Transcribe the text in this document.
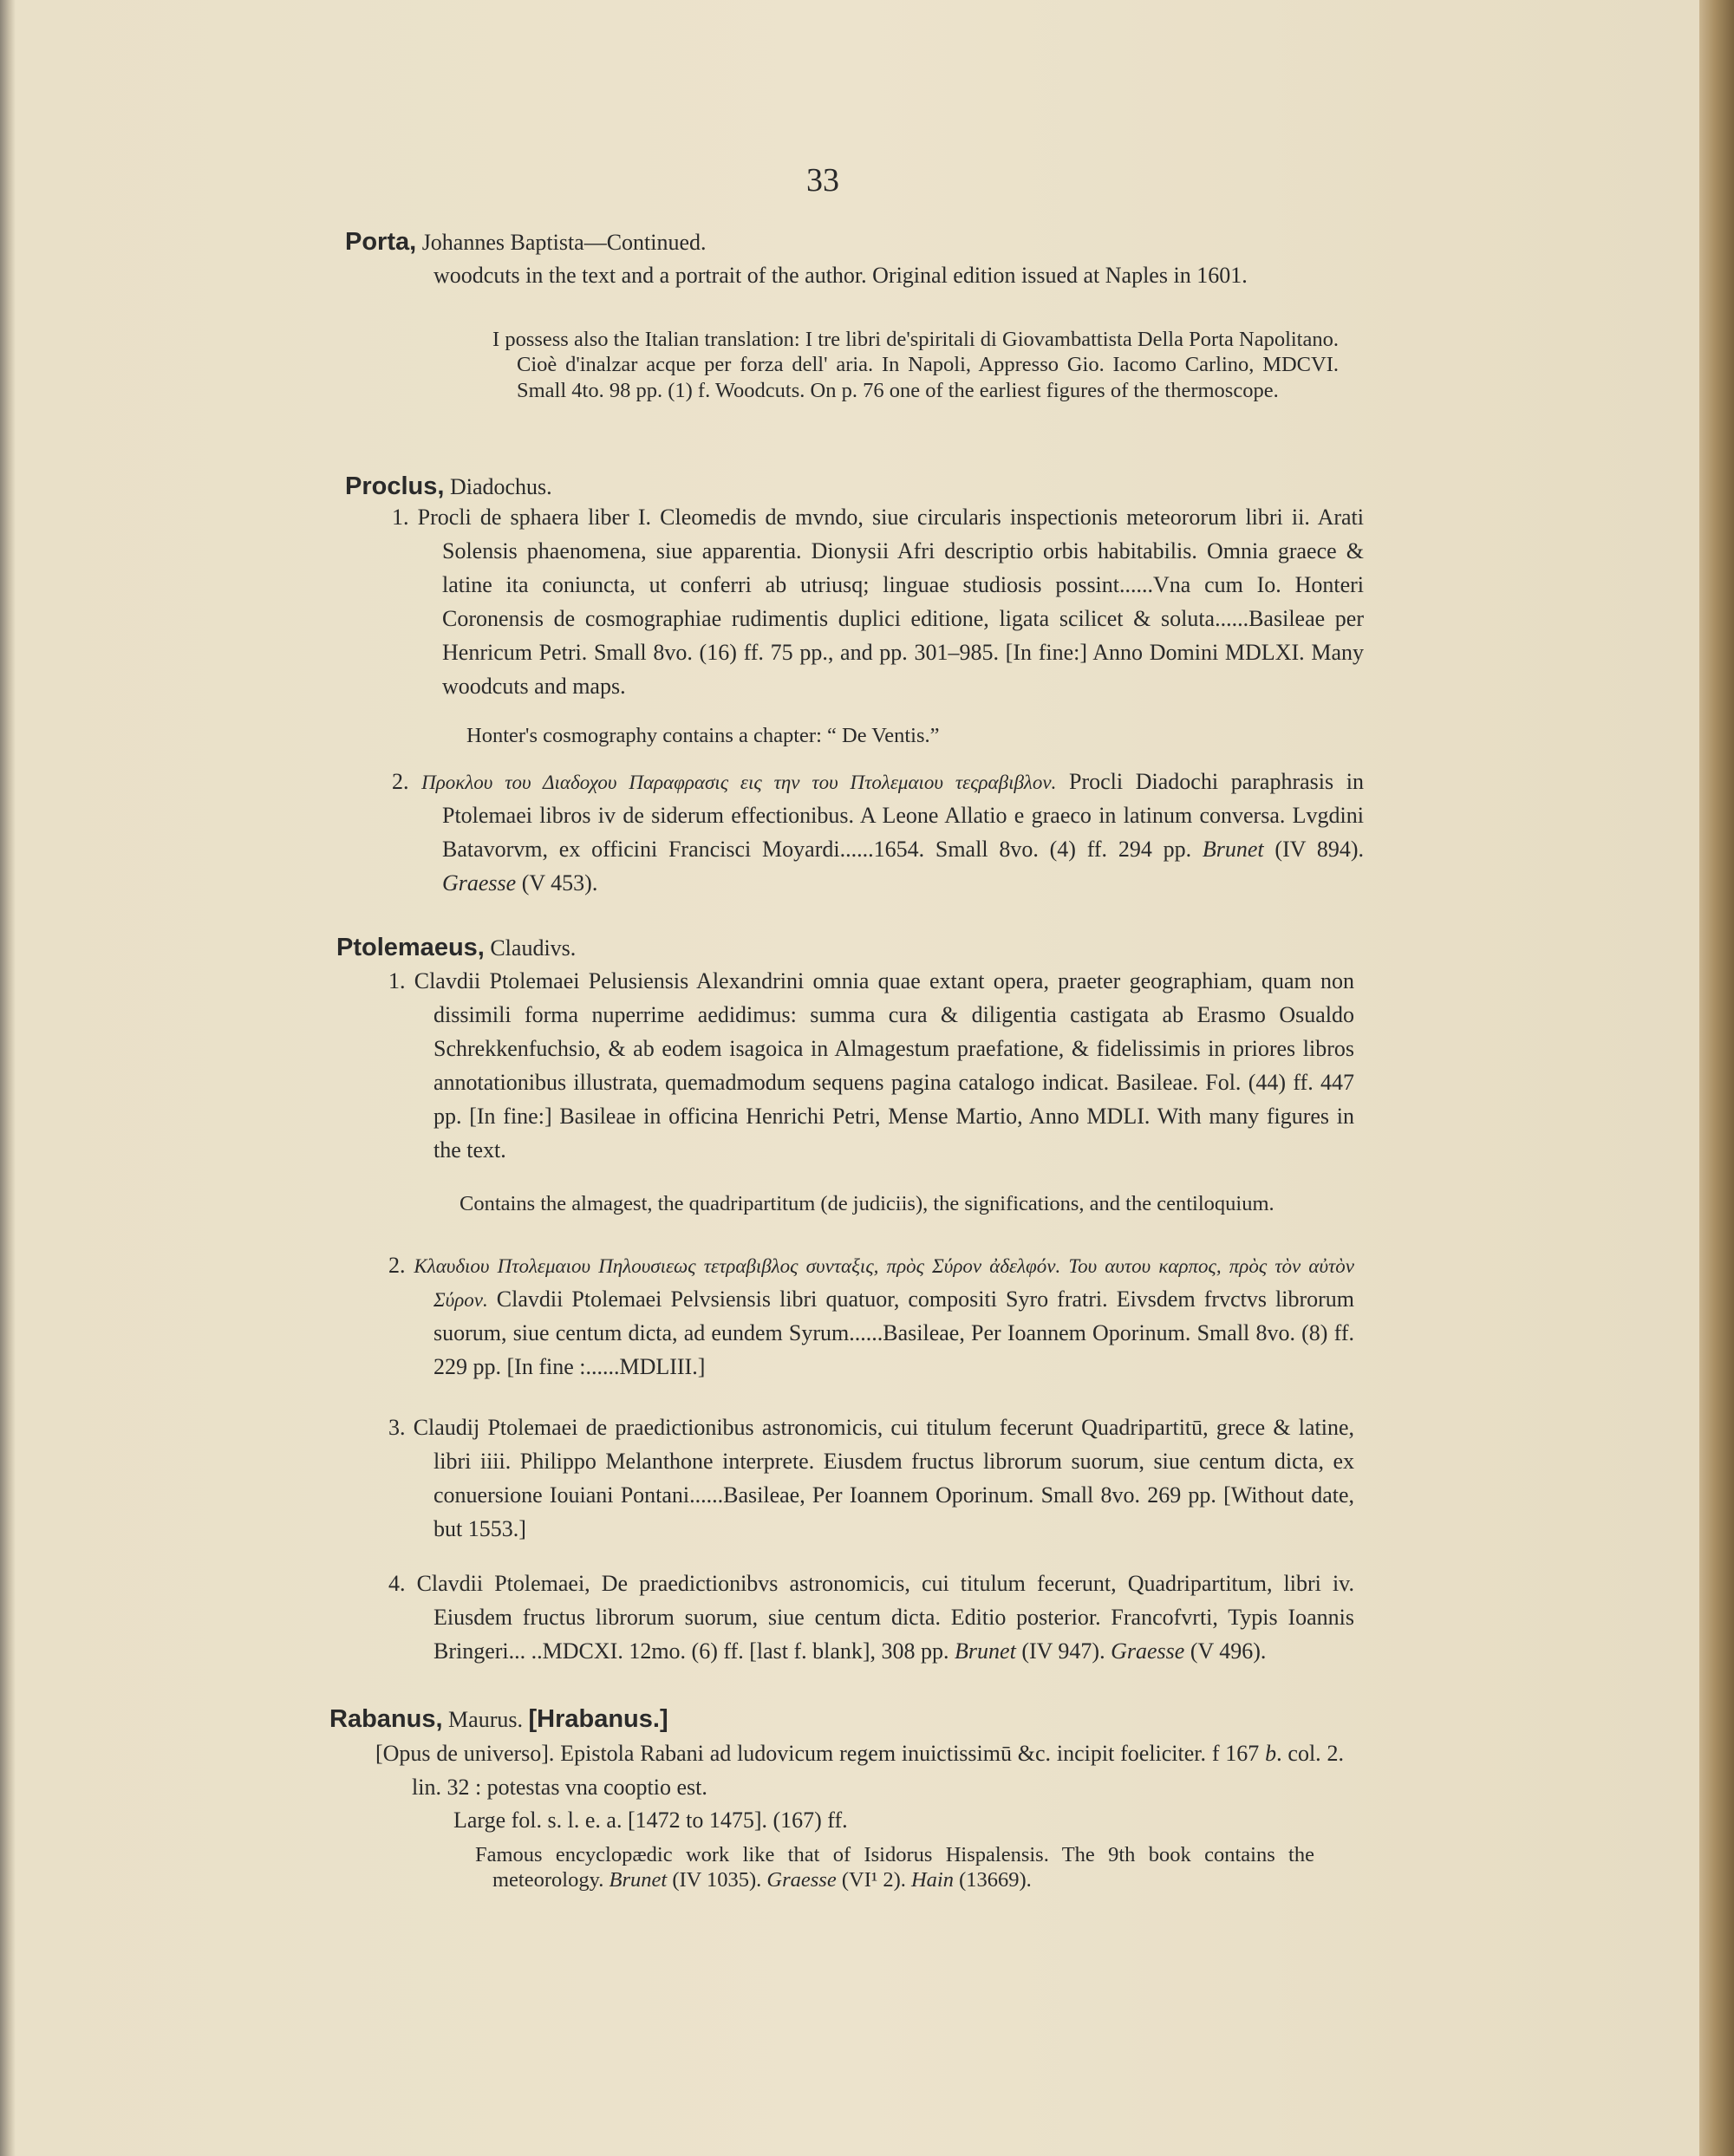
33

Porta, Johannes Baptista—Continued.

woodcuts in the text and a portrait of the author. Original edition issued at Naples in 1601.

I possess also the Italian translation: I tre libri de'spiritali di Giovambattista Della Porta Napolitano. Cioè d'inalzar acque per forza dell' aria. In Napoli, Appresso Gio. Iacomo Carlino, MDCVI. Small 4to. 98 pp. (1) f. Woodcuts. On p. 76 one of the earliest figures of the thermoscope.

Proclus, Diadochus.

1. Procli de sphaera liber I. Cleomedis de mvndo, siue circularis inspectionis meteororum libri ii. Arati Solensis phaenomena, siue apparentia. Dionysii Afri descriptio orbis habitabilis. Omnia graece & latine ita coniuncta, ut conferri ab utriusq; linguae studiosis possint......Vna cum Io. Honteri Coronensis de cosmographiae rudimentis duplici editione, ligata scilicet & soluta......Basileae per Henricum Petri. Small 8vo. (16) ff. 75 pp., and pp. 301–985. [In fine:] Anno Domini MDLXI. Many woodcuts and maps.

Honter's cosmography contains a chapter: “ De Ventis.”

2. Προκλου του Διαδοχου Παραφρασις εις την του Πτολεμαιου τεςραβιβλον. Procli Diadochi paraphrasis in Ptolemaei libros iv de siderum effectionibus. A Leone Allatio e graeco in latinum conversa. Lvgdini Batavorvm, ex officini Francisci Moyardi......1654. Small 8vo. (4) ff. 294 pp. Brunet (IV 894). Graesse (V 453).

Ptolemaeus, Claudivs.

1. Clavdii Ptolemaei Pelusiensis Alexandrini omnia quae extant opera, praeter geographiam, quam non dissimili forma nuperrime aedidimus: summa cura & diligentia castigata ab Erasmo Osualdo Schrekkenfuchsio, & ab eodem isagoica in Almagestum praefatione, & fidelissimis in priores libros annotationibus illustrata, quemadmodum sequens pagina catalogo indicat. Basileae. Fol. (44) ff. 447 pp. [In fine:] Basileae in officina Henrichi Petri, Mense Martio, Anno MDLI. With many figures in the text.

Contains the almagest, the quadripartitum (de judiciis), the significations, and the centiloquium.

2. Κλαυδιου Πτολεμαιου Πηλουσιεως τετραβιβλος συνταξις, πρὸς Σύρον ἀδελφόν. Του αυτου καρπος, πρὸς τὸν αὐτὸν Σύρον. Clavdii Ptolemaei Pelvsiensis libri quatuor, compositi Syro fratri. Eivsdem frvctvs librorum suorum, siue centum dicta, ad eundem Syrum......Basileae, Per Ioannem Oporinum. Small 8vo. (8) ff. 229 pp. [In fine :......MDLIII.]

3. Claudij Ptolemaei de praedictionibus astronomicis, cui titulum fecerunt Quadripartitū, grece & latine, libri iiii. Philippo Melanthone interprete. Eiusdem fructus librorum suorum, siue centum dicta, ex conuersione Iouiani Pontani......Basileae, Per Ioannem Oporinum. Small 8vo. 269 pp. [Without date, but 1553.]

4. Clavdii Ptolemaei, De praedictionibvs astronomicis, cui titulum fecerunt, Quadripartitum, libri iv. Eiusdem fructus librorum suorum, siue centum dicta. Editio posterior. Francofvrti, Typis Ioannis Bringeri... ..MDCXI. 12mo. (6) ff. [last f. blank], 308 pp. Brunet (IV 947). Graesse (V 496).

Rabanus, Maurus. [Hrabanus.]

[Opus de universo]. Epistola Rabani ad ludovicum regem inuictissimū &c. incipit foeliciter. f 167 b. col. 2. lin. 32 : potestas vna cooptio est.

Large fol. s. l. e. a. [1472 to 1475]. (167) ff.

Famous encyclopædic work like that of Isidorus Hispalensis. The 9th book contains the meteorology. Brunet (IV 1035). Graesse (VI¹ 2). Hain (13669).
